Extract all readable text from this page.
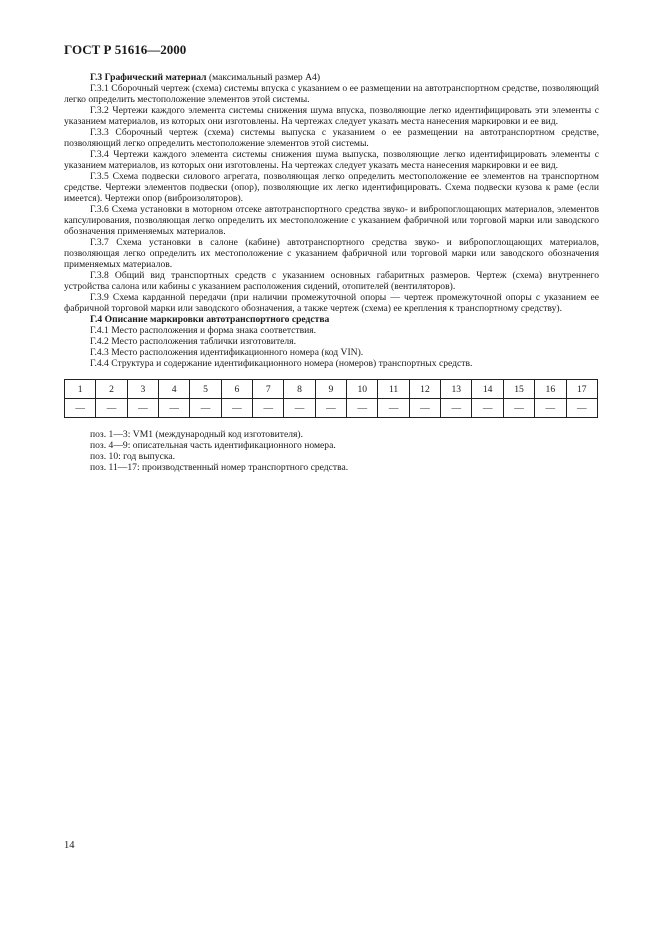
ГОСТ Р 51616—2000

Г.3 Графический материал (максимальный размер А4)

Г.3.1 Сборочный чертеж (схема) системы впуска с указанием о ее размещении на автотранспортном средстве, позволяющий легко определить местоположение элементов этой системы.

Г.3.2 Чертежи каждого элемента системы снижения шума впуска, позволяющие легко идентифицировать эти элементы с указанием материалов, из которых они изготовлены. На чертежах следует указать места нанесения маркировки и ее вид.

Г.3.3 Сборочный чертеж (схема) системы выпуска с указанием о ее размещении на автотранспортном средстве, позволяющий легко определить местоположение элементов этой системы.

Г.3.4 Чертежи каждого элемента системы снижения шума выпуска, позволяющие легко идентифицировать элементы с указанием материалов, из которых они изготовлены. На чертежах следует указать места нанесения маркировки и ее вид.

Г.3.5 Схема подвески силового агрегата, позволяющая легко определить местоположение ее элементов на транспортном средстве. Чертежи элементов подвески (опор), позволяющие их легко идентифицировать. Схема подвески кузова к раме (если имеется). Чертежи опор (виброизоляторов).

Г.3.6 Схема установки в моторном отсеке автотранспортного средства звуко- и вибропоглощающих материалов, элементов капсулирования, позволяющая легко определить их местоположение с указанием фабричной или торговой марки или заводского обозначения применяемых материалов.

Г.3.7 Схема установки в салоне (кабине) автотранспортного средства звуко- и вибропоглощающих материалов, позволяющая легко определить их местоположение с указанием фабричной или торговой марки или заводского обозначения применяемых материалов.

Г.3.8 Общий вид транспортных средств с указанием основных габаритных размеров. Чертеж (схема) внутреннего устройства салона или кабины с указанием расположения сидений, отопителей (вентиляторов).

Г.3.9 Схема карданной передачи (при наличии промежуточной опоры — чертеж промежуточной опоры с указанием ее фабричной торговой марки или заводского обозначения, а также чертеж (схема) ее крепления к транспортному средству).

Г.4 Описание маркировки автотранспортного средства

Г.4.1 Место расположения и форма знака соответствия.

Г.4.2 Место расположения таблички изготовителя.

Г.4.3 Место расположения идентификационного номера (код VIN).

Г.4.4 Структура и содержание идентификационного номера (номеров) транспортных средств.

1	2	3	4	5	6	7	8	9	10	11	12	13	14	15	16	17
—	—	—	—	—	—	—	—	—	—	—	—	—	—	—	—	—

поз. 1—3: VM1 (международный код изготовителя).

поз. 4—9: описательная часть идентификационного номера.

поз. 10: год выпуска.

поз. 11—17: производственный номер транспортного средства.

14
